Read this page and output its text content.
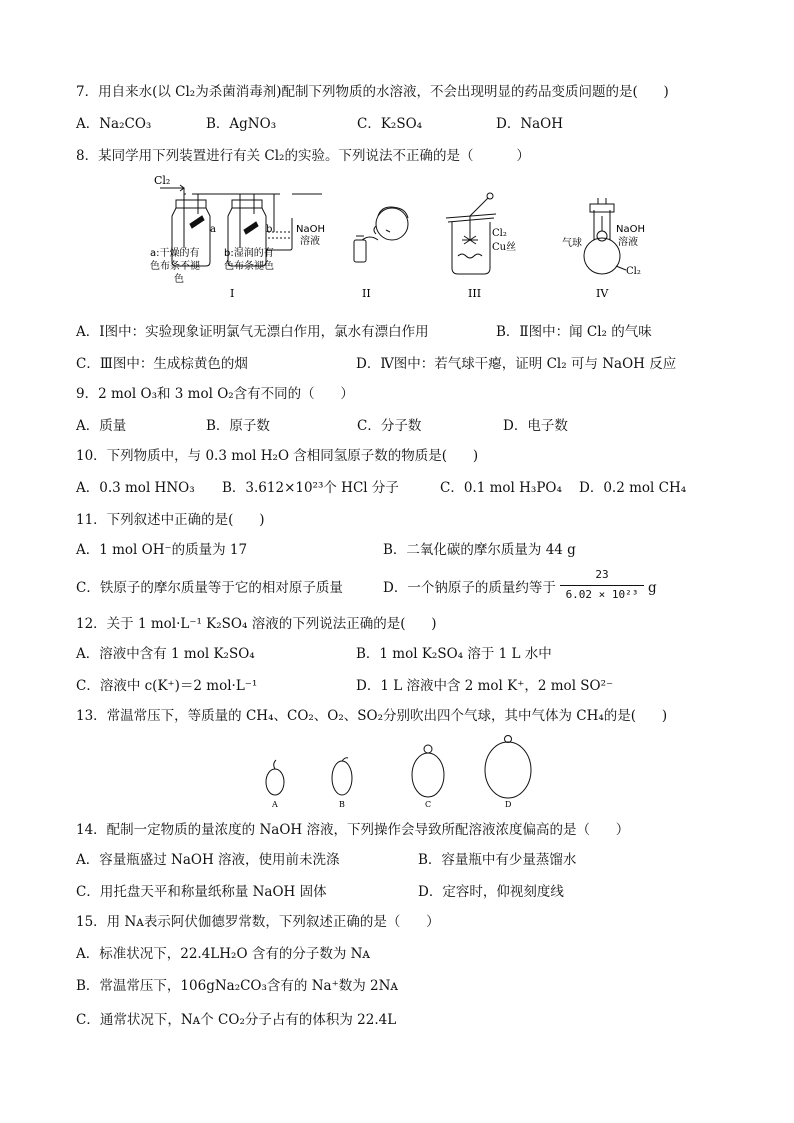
7．用自来水(以 Cl₂为杀菌消毒剂)配制下列物质的水溶液，不会出现明显的药品变质问题的是(      )
A．Na₂CO₃	B．AgNO₃	C．K₂SO₄	D．NaOH
8．某同学用下列装置进行有关 Cl₂的实验。下列说法不正确的是（          ）
Cl₂
a	b NaOH
溶液
a:干燥的有
色布条不褪
色
b:湿润的有
色布条褪色
I	II
Cl₂
Cu丝
III
NaOH
溶液
气球
Cl₂
IV
A．Ⅰ图中：实验现象证明氯气无漂白作用，氯水有漂白作用	B．Ⅱ图中：闻 Cl₂ 的气味
C．Ⅲ图中：生成棕黄色的烟	D．Ⅳ图中：若气球干瘪，证明 Cl₂ 可与 NaOH 反应
9．2 mol O₃和 3 mol O₂含有不同的（      ）
A．质量	B．原子数	C．分子数	D．电子数
10．下列物质中，与 0.3 mol H₂O 含相同氢原子数的物质是(      )
A．0.3 mol HNO₃ B．3.612×10²³个 HCl 分子	C．0.1 mol H₃PO₄ D．0.2 mol CH₄
11．下列叙述中正确的是(      )
A．1 mol OH⁻的质量为 17	B．二氧化碳的摩尔质量为 44 g
C．铁原子的摩尔质量等于它的相对原子质量	D．一个钠原子的质量约等于
23
6.02 × 10²³ g
12．关于 1 mol·L⁻¹ K₂SO₄ 溶液的下列说法正确的是(      )
A．溶液中含有 1 mol K₂SO₄	B．1 mol K₂SO₄ 溶于 1 L 水中
C．溶液中 c(K⁺)＝2 mol·L⁻¹	D．1 L 溶液中含 2 mol K⁺，2 mol SO²⁻
13．常温常压下，等质量的 CH₄、CO₂、O₂、SO₂分别吹出四个气球，其中气体为 CH₄的是(      )
A	B	C	D
14．配制一定物质的量浓度的 NaOH 溶液，下列操作会导致所配溶液浓度偏高的是（      ）
A．容量瓶盛过 NaOH 溶液，使用前未洗涤	B．容量瓶中有少量蒸馏水
C．用托盘天平和称量纸称量 NaOH 固体	D．定容时，仰视刻度线
15．用 Nᴀ表示阿伏伽德罗常数，下列叙述正确的是（      ）
A．标准状况下，22.4LH₂O 含有的分子数为 Nᴀ
B．常温常压下，106gNa₂CO₃含有的 Na⁺数为 2Nᴀ
C．通常状况下，Nᴀ个 CO₂分子占有的体积为 22.4L
